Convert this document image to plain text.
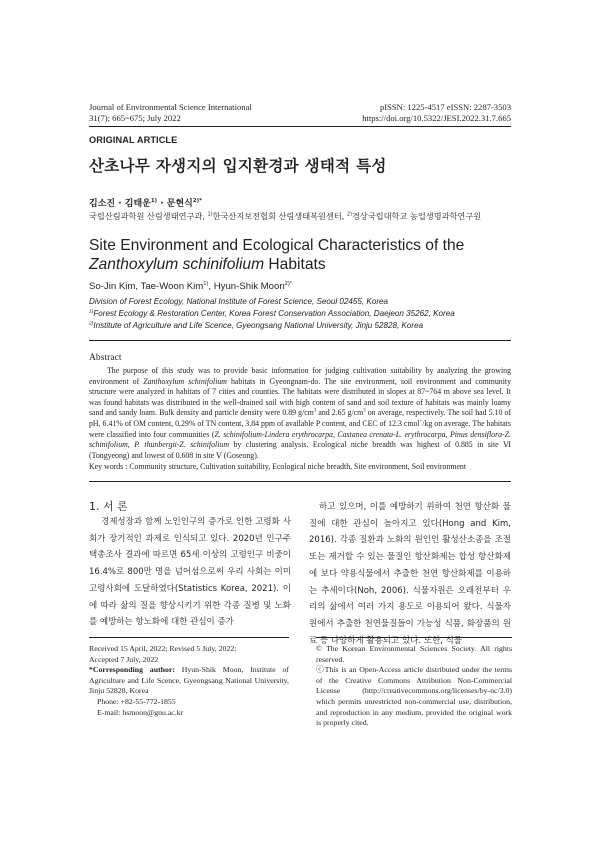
Journal of Environmental Science International
31(7); 665~675; July 2022
pISSN: 1225-4517 eISSN: 2287-3503
https://doi.org/10.5322/JESI.2022.31.7.665
ORIGINAL ARTICLE
산초나무 자생지의 입지환경과 생태적 특성
김소진 · 김태운$^{1)}$ · 문현식$^{2)*}$
국립산림과학원 산림생태연구과, $^{1)}$한국산지보전협회 산림생태복원센터, $^{2)}$경상국립대학교 농업생명과학연구원
Site Environment and Ecological Characteristics of the
Zanthoxylum schinifolium Habitats
So-Jin Kim, Tae-Woon Kim$^{1)}$, Hyun-Shik Moon$^{2)*}$
Division of Forest Ecology, National Institute of Forest Science, Seoul 02455, Korea
$^{1)}$Forest Ecology & Restoration Center, Korea Forest Conservation Association, Daejeon 35262, Korea
$^{2)}$Institute of Agriculture and Life Scence, Gyeongsang National University, Jinju 52828, Korea
Abstract
The purpose of this study was to provide basic information for judging cultivation suitability by analyzing the growing environment of Zanthoxylum schinifolium habitats in Gyeongnam-do. The site environment, soil environment and community structure were analyzed in habitats of 7 cities and counties. The habitats were distributed in slopes at 87~764 m above sea level. It was found habitats was distributed in the well-drained soil with high content of sand and soil texture of habitats was mainly loamy sand and sandy loam. Bulk density and particle density were 0.89 $g/cm^3$ and 2.65 $g/cm^3$ on average, respectively. The soil had 5.10 of pH, 6.41% of OM content, 0.29% of TN content, 3.84 ppm of available P content, and CEC of 12.3 cmol+/kg on average. The habitats were classified into four communities (Z. schinifolium-Lindera erythrocarpa, Castanea crenata-L. erythrocarpa, Pinus densiflora-Z. schinifolium, P. thunbergii-Z. schinifolium by clustering analysis. Ecological niche breadth was highest of 0.885 in site Ⅵ (Tongyeong) and lowest of 0.608 in site Ⅴ (Goseong).
Key words : Community structure, Cultivation suitability, Ecological niche breadth, Site environment, Soil environment
1. 서 론
경제성장과 함께 노인인구의 증가로 인한 고령화 사회가 장기적인 과제로 인식되고 있다. 2020년 인구주택총조사 결과에 따르면 65세 이상의 고령인구 비중이 16.4%로 800만 명을 넘어섬으로써 우리 사회는 이미 고령사회에 도달하였다(Statistics Korea, 2021). 이에 따라 삶의 질을 향상시키기 위한 각종 질병 및 노화를 예방하는 항노화에 대한 관심이 증가
하고 있으며, 이를 예방하기 위하여 천연 항산화 물질에 대한 관심이 높아지고 있다(Hong and Kim, 2016). 각종 질환과 노화의 원인인 활성산소종을 조절 또는 제거할 수 있는 물질인 항산화제는 합성 항산화제에 보다 약용식물에서 추출한 천연 항산화제를 이용하는 추세이다(Noh, 2006). 식물자원은 오래전부터 우리의 삶에서 여러 가지 용도로 이용되어 왔다. 식물자원에서 추출한 천연물질들이 가능성 식품, 화장품의 원료 등 다양하게 활용되고 있다. 또한, 식물
Received 15 April, 2022; Revised 5 July, 2022;
Accepted 7 July, 2022
*Corresponding author: Hyun-Shik Moon, Institute of Agriculture and Life Scence, Gyeongsang National University, Jinju 52828, Korea
Phone: +82-55-772-1855
E-mail: hsmoon@gnu.ac.kr
© The Korean Environmental Sciences Society. All rights reserved.
ⓒThis is an Open-Access article distributed under the terms of the Creative Commons Attribution Non-Commercial License (http://creativecommons.org/licenses/by-nc/3.0) which permits unrestricted non-commercial use, distribution, and reproduction in any medium, provided the original work is properly cited.
